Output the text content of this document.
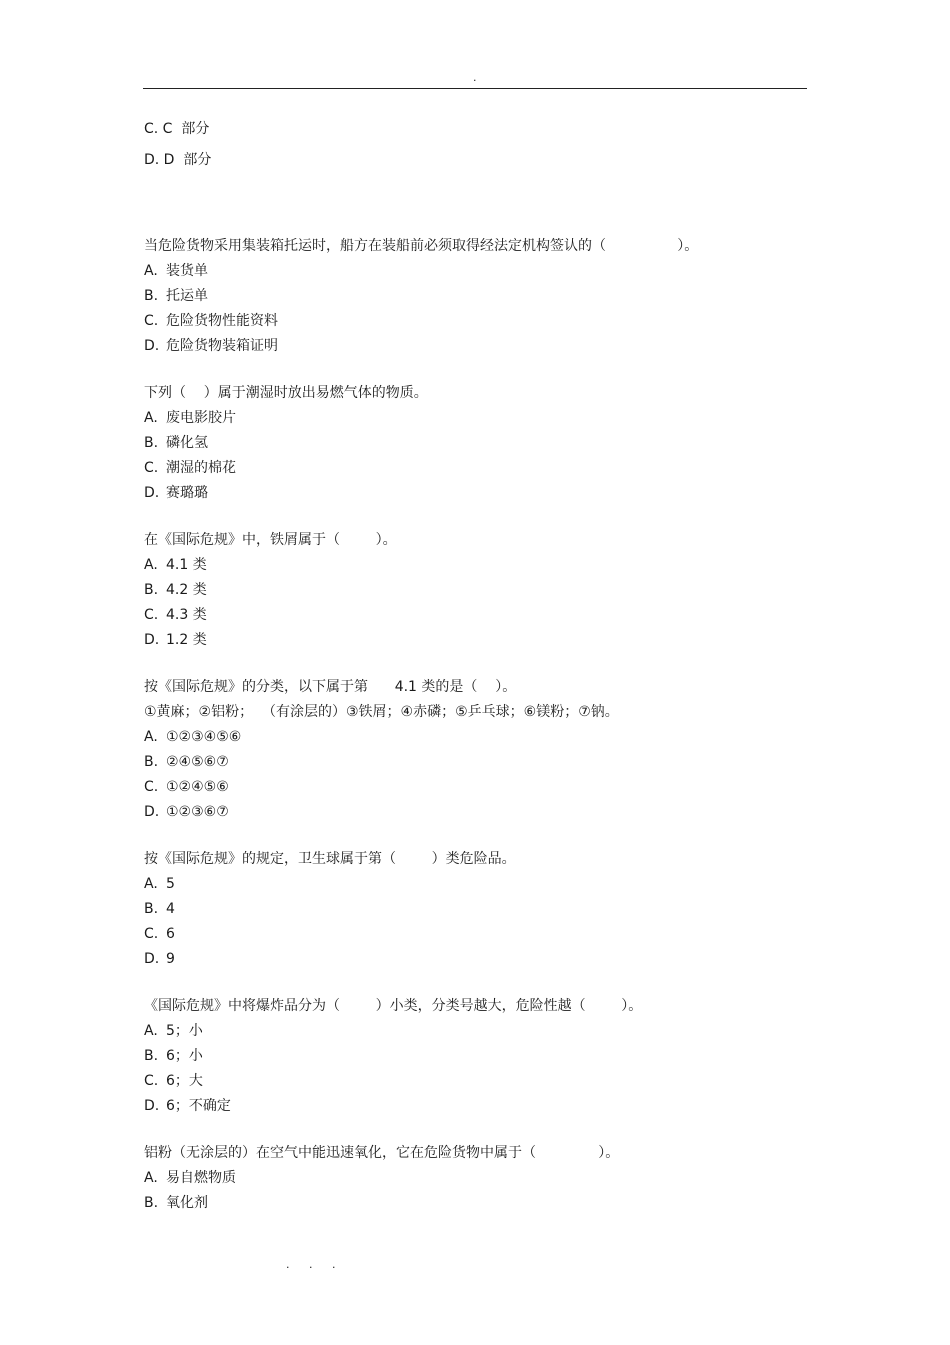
.
C. C  部分
D. D  部分
当危险货物采用集装箱托运时，船方在装船前必须取得经法定机构签认的（                ）。
A. 装货单
B. 托运单
C. 危险货物性能资料
D. 危险货物装箱证明
下列（    ）属于潮湿时放出易燃气体的物质。
A. 废电影胶片
B. 磷化氢
C. 潮湿的棉花
D. 赛璐璐
在《国际危规》中，铁屑属于（        ）。
A. 4.1 类
B. 4.2 类
C. 4.3 类
D. 1.2 类
按《国际危规》的分类，以下属于第      4.1 类的是（    ）。
①黄麻；②铝粉；  （有涂层的）③铁屑；④赤磷；⑤乒乓球；⑥镁粉；⑦钠。
A. ①②③④⑤⑥
B. ②④⑤⑥⑦
C. ①②④⑤⑥
D. ①②③⑥⑦
按《国际危规》的规定，卫生球属于第（        ）类危险品。
A. 5
B. 4
C. 6
D. 9
《国际危规》中将爆炸品分为（        ）小类，分类号越大，危险性越（        ）。
A. 5；小
B. 6；小
C. 6；大
D. 6；不确定
铝粉（无涂层的）在空气中能迅速氧化，它在危险货物中属于（              ）。
A. 易自燃物质
B. 氧化剂
. . .
